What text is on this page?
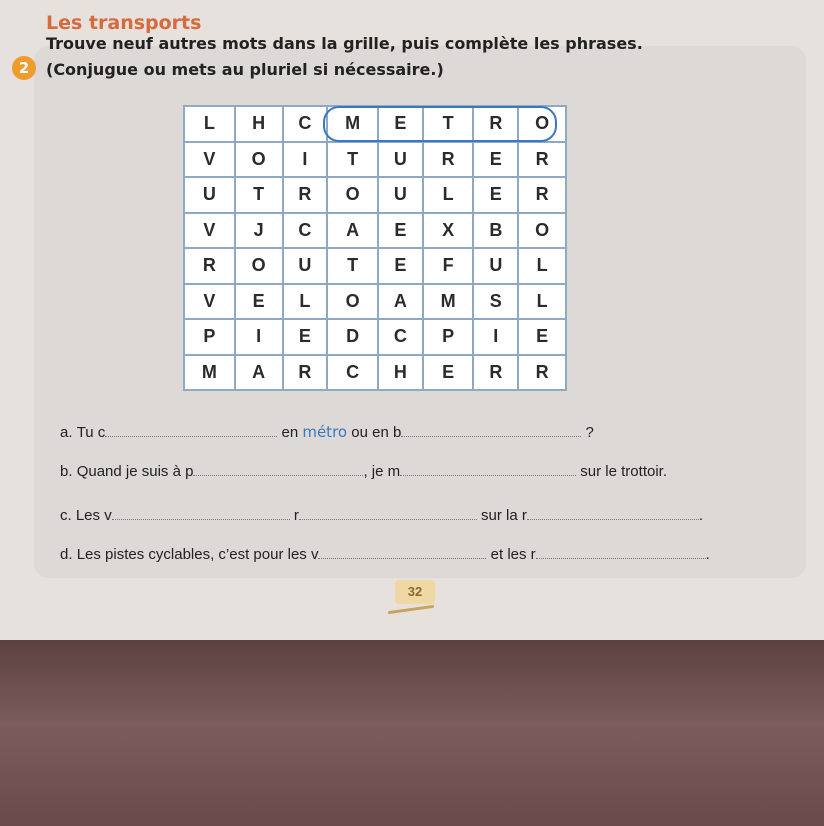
Les transports
2

Trouve neuf autres mots dans la grille, puis complète les phrases.

(Conjugue ou mets au pluriel si nécessaire.)

L	H	C	M	E	T	R	O
V	O	I	T	U	R	E	R
U	T	R	O	U	L	E	R
V	J	C	A	E	X	B	O
R	O	U	T	E	F	U	L
V	E	L	O	A	M	S	L
P	I	E	D	C	P	I	E
M	A	R	C	H	E	R	R
a. Tu c	en métro ou en b	?
b. Quand je suis à p	, je m	sur le trottoir.
c. Les v	r	sur la r	.
d. Les pistes cyclables, c’est pour les v	et les r	.
32
